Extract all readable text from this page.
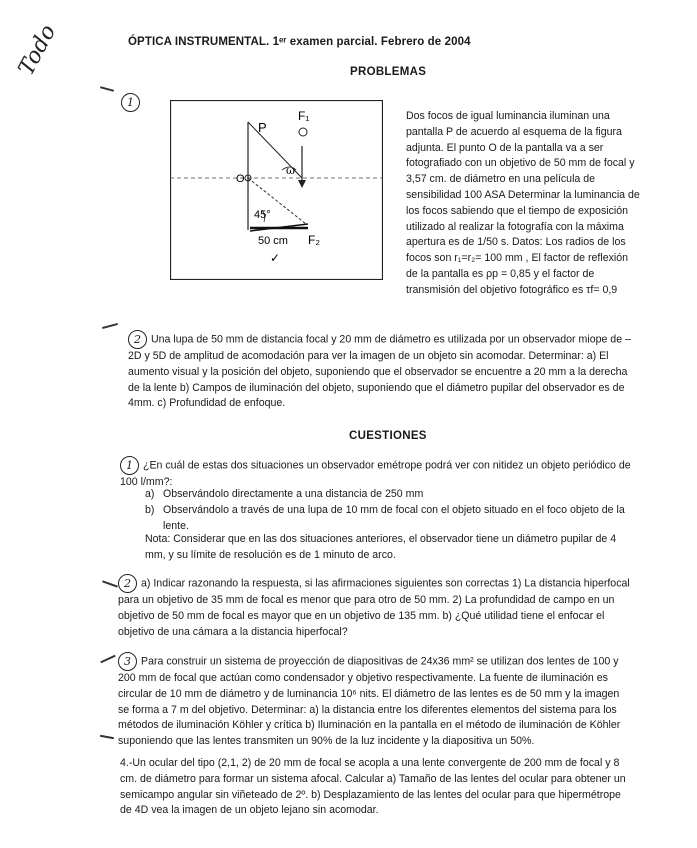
ÓPTICA INSTRUMENTAL. 1ᵉʳ examen parcial. Febrero de 2004
Todo	PROBLEMAS
1
P
F₁
F₂
O
45°
50 cm
ω
✓
Dos focos de igual luminancia iluminan una
pantalla P de acuerdo al esquema de la figura
adjunta. El punto O de la pantalla va a ser
fotografiado con un objetivo de 50 mm de focal y
3,57 cm. de diámetro en una película de
sensibilidad 100 ASA Determinar la luminancia de
los focos sabiendo que el tiempo de exposición
utilizado al realizar la fotografía con la máxima
apertura es de 1/50 s. Datos: Los radios de los
focos son r₁=r₂= 100 mm , El factor de reflexión
de la pantalla es ρp = 0,85 y el factor de
transmisión del objetivo fotográfico es τf= 0,9
2 Una lupa de 50 mm de distancia focal y 20 mm de diámetro es utilizada por un observador miope de –
2D y 5D de amplitud de acomodación para ver la imagen de un objeto sin acomodar. Determinar: a) El
aumento visual y la posición del objeto, suponiendo que el observador se encuentre a 20 mm a la derecha
de la lente b) Campos de iluminación del objeto, suponiendo que el diámetro pupilar del observador es de
4mm. c) Profundidad de enfoque.
CUESTIONES
1 ¿En cuál de estas dos situaciones un observador emétrope podrá ver con nitidez un objeto periódico de
100 l/mm?:
a) Observándolo directamente a una distancia de 250 mm
b) Observándolo a través de una lupa de 10 mm de focal con el objeto situado en el foco objeto de la
lente.
Nota: Considerar que en las dos situaciones anteriores, el observador tiene un diámetro pupilar de 4
mm, y su límite de resolución es de 1 minuto de arco.
2 a) Indicar razonando la respuesta, si las afirmaciones siguientes son correctas 1) La distancia hiperfocal
para un objetivo de 35 mm de focal es menor que para otro de 50 mm. 2) La profundidad de campo en un
objetivo de 50 mm de focal es mayor que en un objetivo de 135 mm. b) ¿Qué utilidad tiene el enfocar el
objetivo de una cámara a la distancia hiperfocal?
3 Para construir un sistema de proyección de diapositivas de 24x36 mm² se utilizan dos lentes de 100 y
200 mm de focal que actúan como condensador y objetivo respectivamente. La fuente de iluminación es
circular de 10 mm de diámetro y de luminancia 10⁶ nits. El diámetro de las lentes es de 50 mm y la imagen
se forma a 7 m del objetivo. Determinar: a) la distancia entre los diferentes elementos del sistema para los
métodos de iluminación Köhler y crítica b) Iluminación en la pantalla en el método de iluminación de Köhler
suponiendo que las lentes transmiten un 90% de la luz incidente y la diapositiva un 50%.
4.-Un ocular del tipo (2,1, 2) de 20 mm de focal se acopla a una lente convergente de 200 mm de focal y 8
cm. de diámetro para formar un sistema afocal. Calcular a) Tamaño de las lentes del ocular para obtener un
semicampo angular sin viñeteado de 2º. b) Desplazamiento de las lentes del ocular para que hipermétrope
de 4D vea la imagen de un objeto lejano sin acomodar.
